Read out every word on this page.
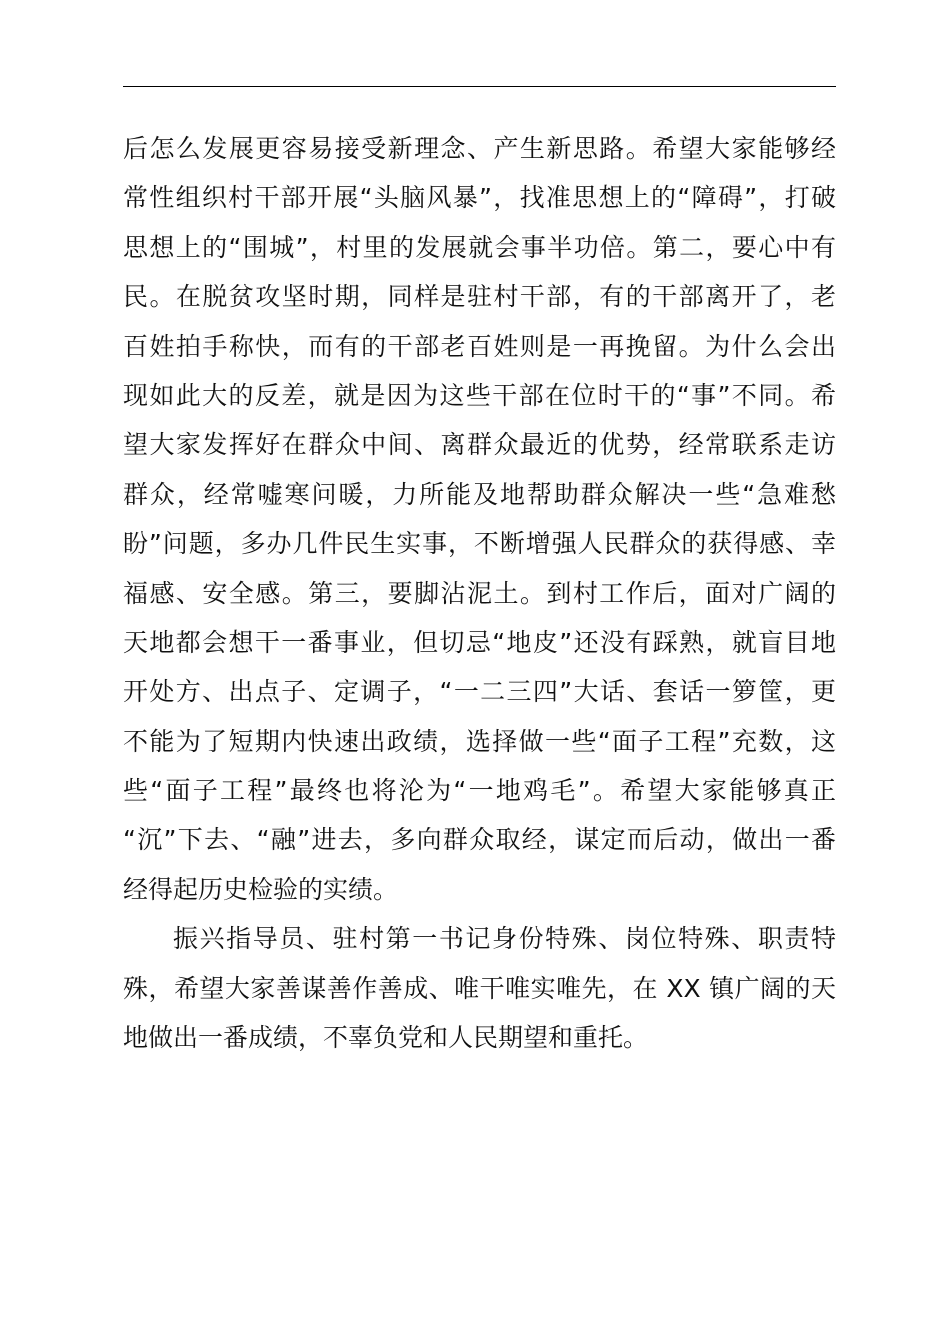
后怎么发展更容易接受新理念、产生新思路。希望大家能够经
常性组织村干部开展“头脑风暴”，找准思想上的“障碍”，打破
思想上的“围城”，村里的发展就会事半功倍。第二，要心中有
民。在脱贫攻坚时期，同样是驻村干部，有的干部离开了，老
百姓拍手称快，而有的干部老百姓则是一再挽留。为什么会出
现如此大的反差，就是因为这些干部在位时干的“事”不同。希
望大家发挥好在群众中间、离群众最近的优势，经常联系走访
群众，经常嘘寒问暖，力所能及地帮助群众解决一些“急难愁
盼”问题，多办几件民生实事，不断增强人民群众的获得感、幸
福感、安全感。第三，要脚沾泥土。到村工作后，面对广阔的
天地都会想干一番事业，但切忌“地皮”还没有踩熟，就盲目地
开处方、出点子、定调子，“一二三四”大话、套话一箩筐，更
不能为了短期内快速出政绩，选择做一些“面子工程”充数，这
些“面子工程”最终也将沦为“一地鸡毛”。希望大家能够真正
“沉”下去、“融”进去，多向群众取经，谋定而后动，做出一番
经得起历史检验的实绩。
振兴指导员、驻村第一书记身份特殊、岗位特殊、职责特
殊，希望大家善谋善作善成、唯干唯实唯先，在 XX 镇广阔的天
地做出一番成绩，不辜负党和人民期望和重托。
